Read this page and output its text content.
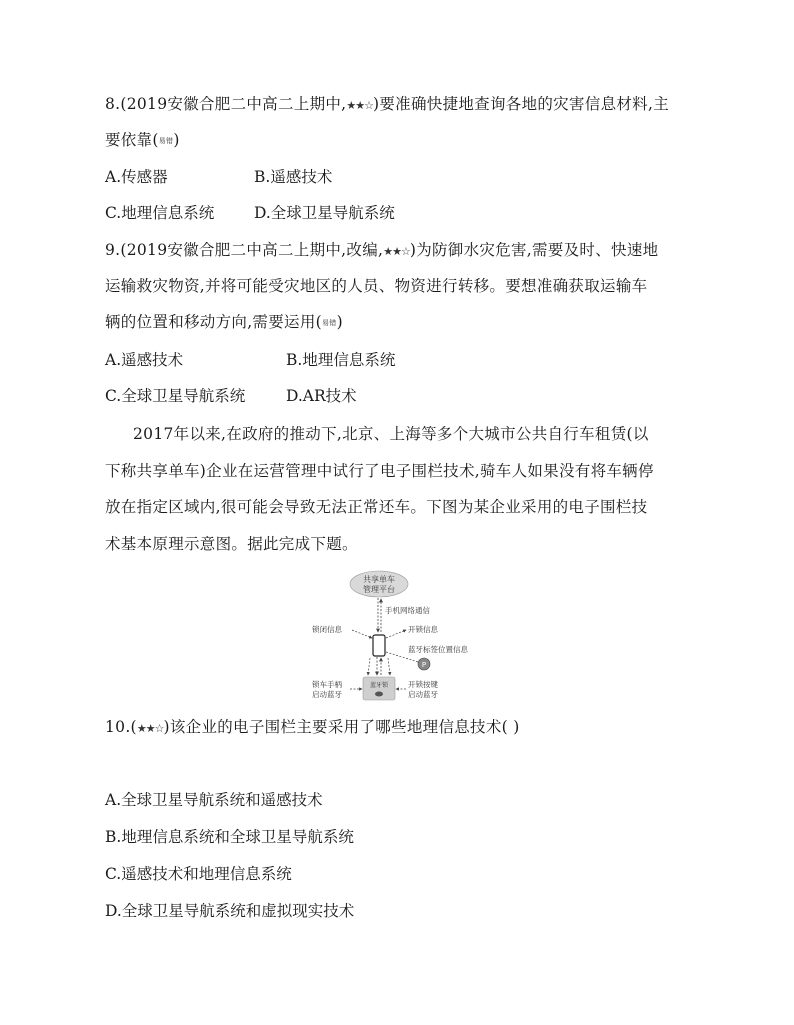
8.(2019安徽合肥二中高二上期中,★★☆)要准确快捷地查询各地的灾害信息材料,主
要依靠(易错)
A.传感器	B.遥感技术
C.地理信息系统	D.全球卫星导航系统
9.(2019安徽合肥二中高二上期中,改编,★★☆)为防御水灾危害,需要及时、快速地
运输救灾物资,并将可能受灾地区的人员、物资进行转移。要想准确获取运输车
辆的位置和移动方向,需要运用(易错)
A.遥感技术	B.地理信息系统
C.全球卫星导航系统	D.AR技术
2017年以来,在政府的推动下,北京、上海等多个大城市公共自行车租赁(以
下称共享单车)企业在运营管理中试行了电子围栏技术,骑车人如果没有将车辆停
放在指定区域内,很可能会导致无法正常还车。下图为某企业采用的电子围栏技
术基本原理示意图。据此完成下题。
共享单车
管理平台
手机网络通信
锁闭信息	开锁信息
蓝牙标签位置信息
P
蓝牙锁
锁车手柄
启动蓝牙
开锁按键
启动蓝牙
10.(★★☆)该企业的电子围栏主要采用了哪些地理信息技术( )
A.全球卫星导航系统和遥感技术
B.地理信息系统和全球卫星导航系统
C.遥感技术和地理信息系统
D.全球卫星导航系统和虚拟现实技术
